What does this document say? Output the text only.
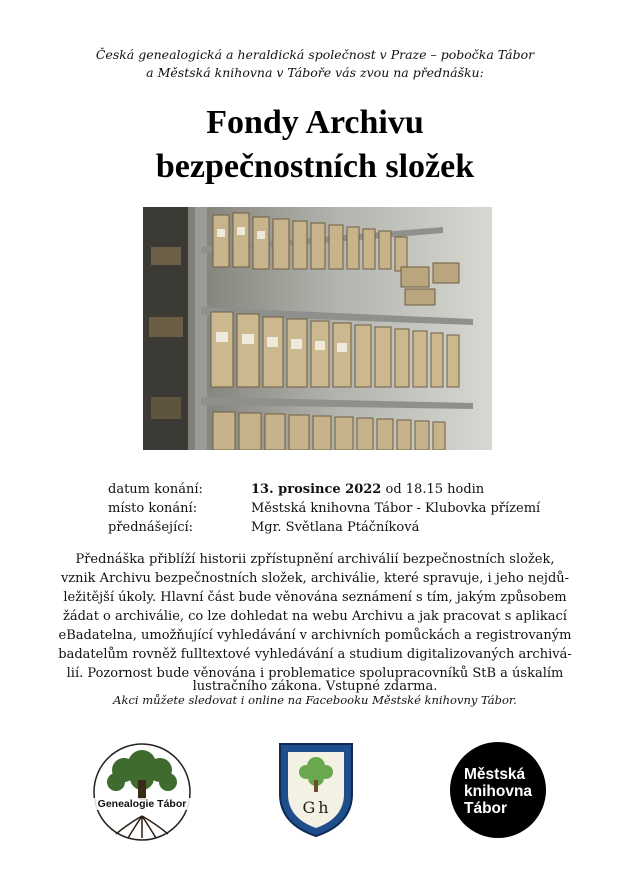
Česká genealogická a heraldická společnost v Praze – pobočka Tábor
a Městská knihovna v Táboře vás zvou na přednášku:
Fondy Archivu
bezpečnostních složek
datum konání:	13. prosince 2022 od 18.15 hodin
místo konání:	Městská knihovna Tábor - Klubovka přízemí
přednášející:	Mgr. Světlana Ptáčníková
Přednáška přiblíží historii zpřístupnění archiválií bezpečnostních složek,
vznik Archivu bezpečnostních složek, archiválie, které spravuje, i jeho nejdů-
ležitější úkoly. Hlavní část bude věnována seznámení s tím, jakým způsobem
žádat o archiválie, co lze dohledat na webu Archivu a jak pracovat s aplikací
eBadatelna, umožňující vyhledávání v archivních pomůckách a registrovaným
badatelům rovněž fulltextové vyhledávání a studium digitalizovaných archivá-
lií. Pozornost bude věnována i problematice spolupracovníků StB a úskalím
lustračního zákona. Vstupné zdarma.
Akci můžete sledovat i online na Facebooku Městské knihovny Tábor.
Genealogie Tábor	Gh
Městská
knihovna
Tábor
